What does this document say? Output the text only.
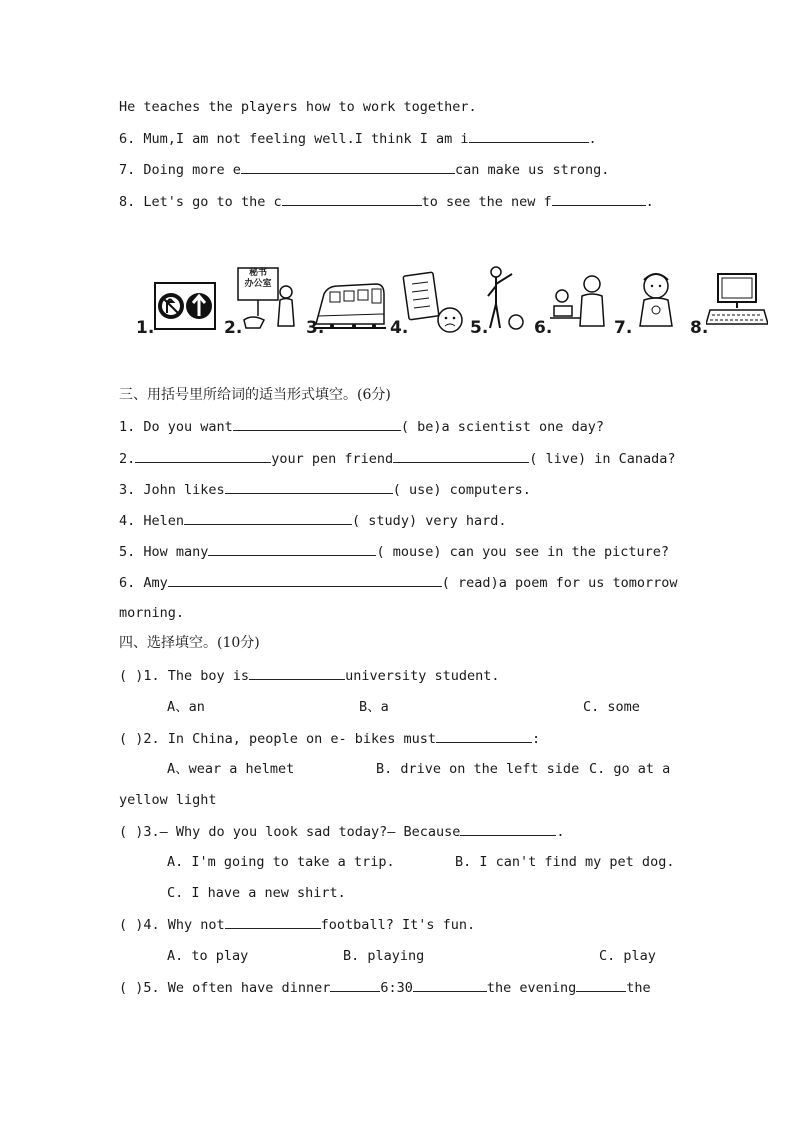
He teaches the players how to work together.
6. Mum,I am not feeling well.I think I am i	.
7. Doing more e	can make us strong.
8. Let's go to the c	to see the new f	.
1.	2.
秘书
办公室
3.	4.	5.	6.	7.	8.
三、用括号里所给词的适当形式填空。(6分)
1. Do you want	( be)a scientist one day?
2.	your pen friend	( live) in Canada?
3. John likes	( use) computers.
4. Helen	( study) very hard.
5. How many	( mouse) can you see in the picture?
6. Amy	( read)a poem for us tomorrow
morning.
四、选择填空。(10分)
( )1. The boy is	university student.
A、an	B、a	C. some
( )2. In China, people on e- bikes must	:
A、wear a helmet	B. drive on the left side C. go at a
yellow light
( )3.— Why do you look sad today?— Because	.
A. I'm going to take a trip.	B. I can't find my pet dog.
C. I have a new shirt.
( )4. Why not	football? It's fun.
A. to play	B. playing	C. play
( )5. We often have dinner	6:30	the evening	the
